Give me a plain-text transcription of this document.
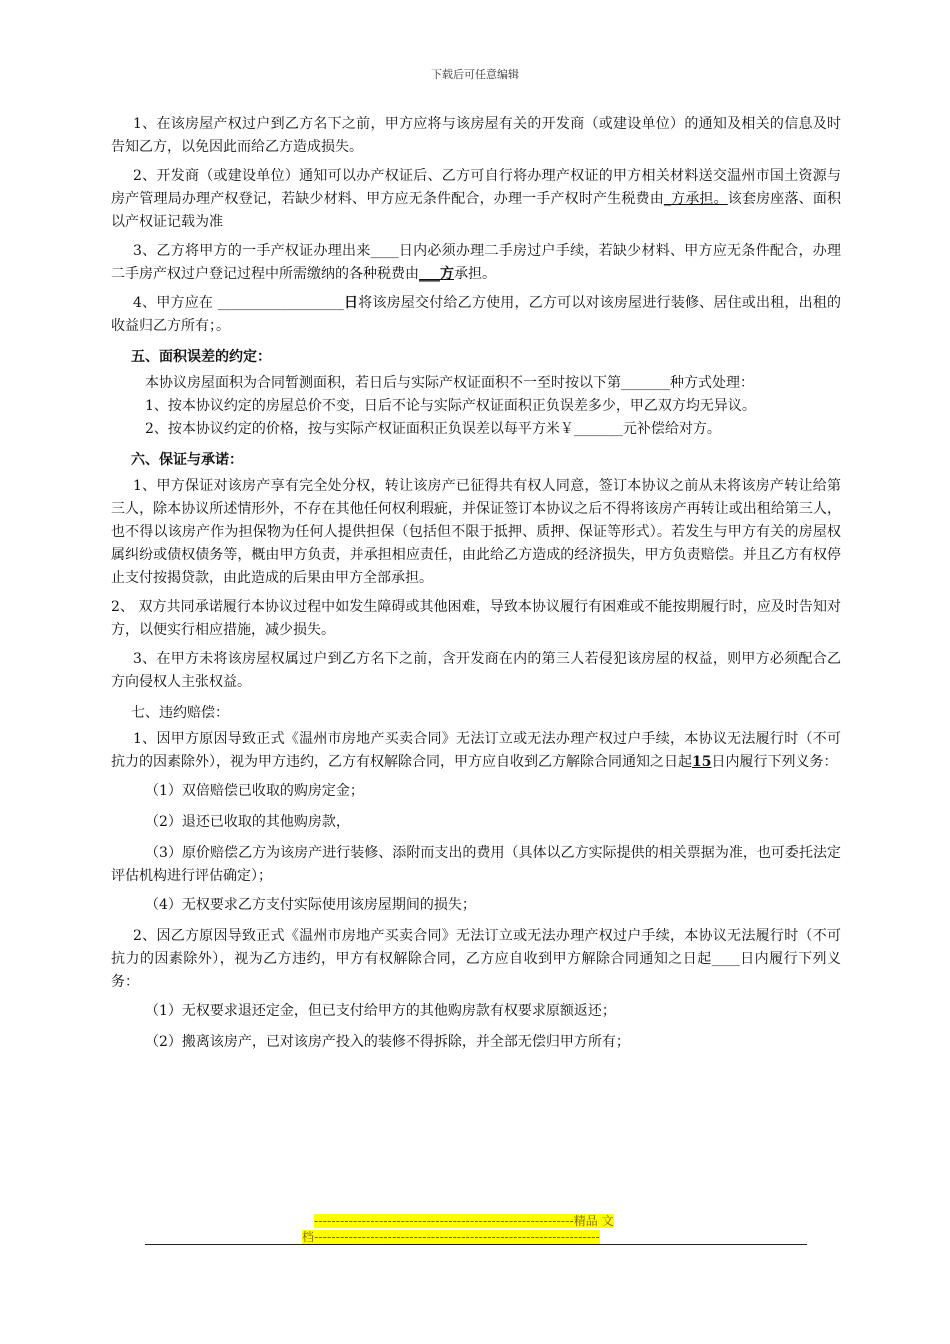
下载后可任意编辑

1、在该房屋产权过户到乙方名下之前，甲方应将与该房屋有关的开发商（或建设单位）的通知及相关的信息及时告知乙方，以免因此而给乙方造成损失。

2、开发商（或建设单位）通知可以办产权证后、乙方可自行将办理产权证的甲方相关材料送交温州市国土资源与房产管理局办理产权登记，若缺少材料、甲方应无条件配合，办理一手产权时产生税费由_方承担。该套房座落、面积以产权证记载为准

3、乙方将甲方的一手产权证办理出来____日内必须办理二手房过户手续，若缺少材料、甲方应无条件配合，办理二手房产权过户登记过程中所需缴纳的各种税费由___方承担。

4、甲方应在 __________________日将该房屋交付给乙方使用，乙方可以对该房屋进行装修、居住或出租，出租的收益归乙方所有；。

五、面积误差的约定：

本协议房屋面积为合同暂测面积，若日后与实际产权证面积不一至时按以下第_______种方式处理：

1、按本协议约定的房屋总价不变，日后不论与实际产权证面积正负误差多少，甲乙双方均无异议。

2、按本协议约定的价格，按与实际产权证面积正负误差以每平方米￥_______元补偿给对方。

六、保证与承诺：

1、甲方保证对该房产享有完全处分权，转让该房产已征得共有权人同意，签订本协议之前从未将该房产转让给第三人，除本协议所述情形外，不存在其他任何权利瑕疵，并保证签订本协议之后不得将该房产再转让或出租给第三人，也不得以该房产作为担保物为任何人提供担保（包括但不限于抵押、质押、保证等形式）。若发生与甲方有关的房屋权属纠纷或债权债务等，概由甲方负责，并承担相应责任，由此给乙方造成的经济损失，甲方负责赔偿。并且乙方有权停止支付按揭贷款，由此造成的后果由甲方全部承担。

2、 双方共同承诺履行本协议过程中如发生障碍或其他困难，导致本协议履行有困难或不能按期履行时，应及时告知对方，以便实行相应措施，减少损失。

3、在甲方未将该房屋权属过户到乙方名下之前，含开发商在内的第三人若侵犯该房屋的权益，则甲方必须配合乙方向侵权人主张权益。

七、违约赔偿：

1、因甲方原因导致正式《温州市房地产买卖合同》无法订立或无法办理产权过户手续，本协议无法履行时（不可抗力的因素除外），视为甲方违约，乙方有权解除合同，甲方应自收到乙方解除合同通知之日起15日内履行下列义务：

（1）双倍赔偿已收取的购房定金；

（2）退还已收取的其他购房款，

（3）原价赔偿乙方为该房产进行装修、添附而支出的费用（具体以乙方实际提供的相关票据为准，也可委托法定评估机构进行评估确定）；

（4）无权要求乙方支付实际使用该房屋期间的损失；

2、因乙方原因导致正式《温州市房地产买卖合同》无法订立或无法办理产权过户手续，本协议无法履行时（不可抗力的因素除外），视为乙方违约，甲方有权解除合同，乙方应自收到甲方解除合同通知之日起____日内履行下列义务：

（1）无权要求退还定金，但已支付给甲方的其他购房款有权要求原额返还；

（2）搬离该房产，已对该房产投入的装修不得拆除，并全部无偿归甲方所有；

------------------------------------------------------------精品 文
档------------------------------------------------------------------
